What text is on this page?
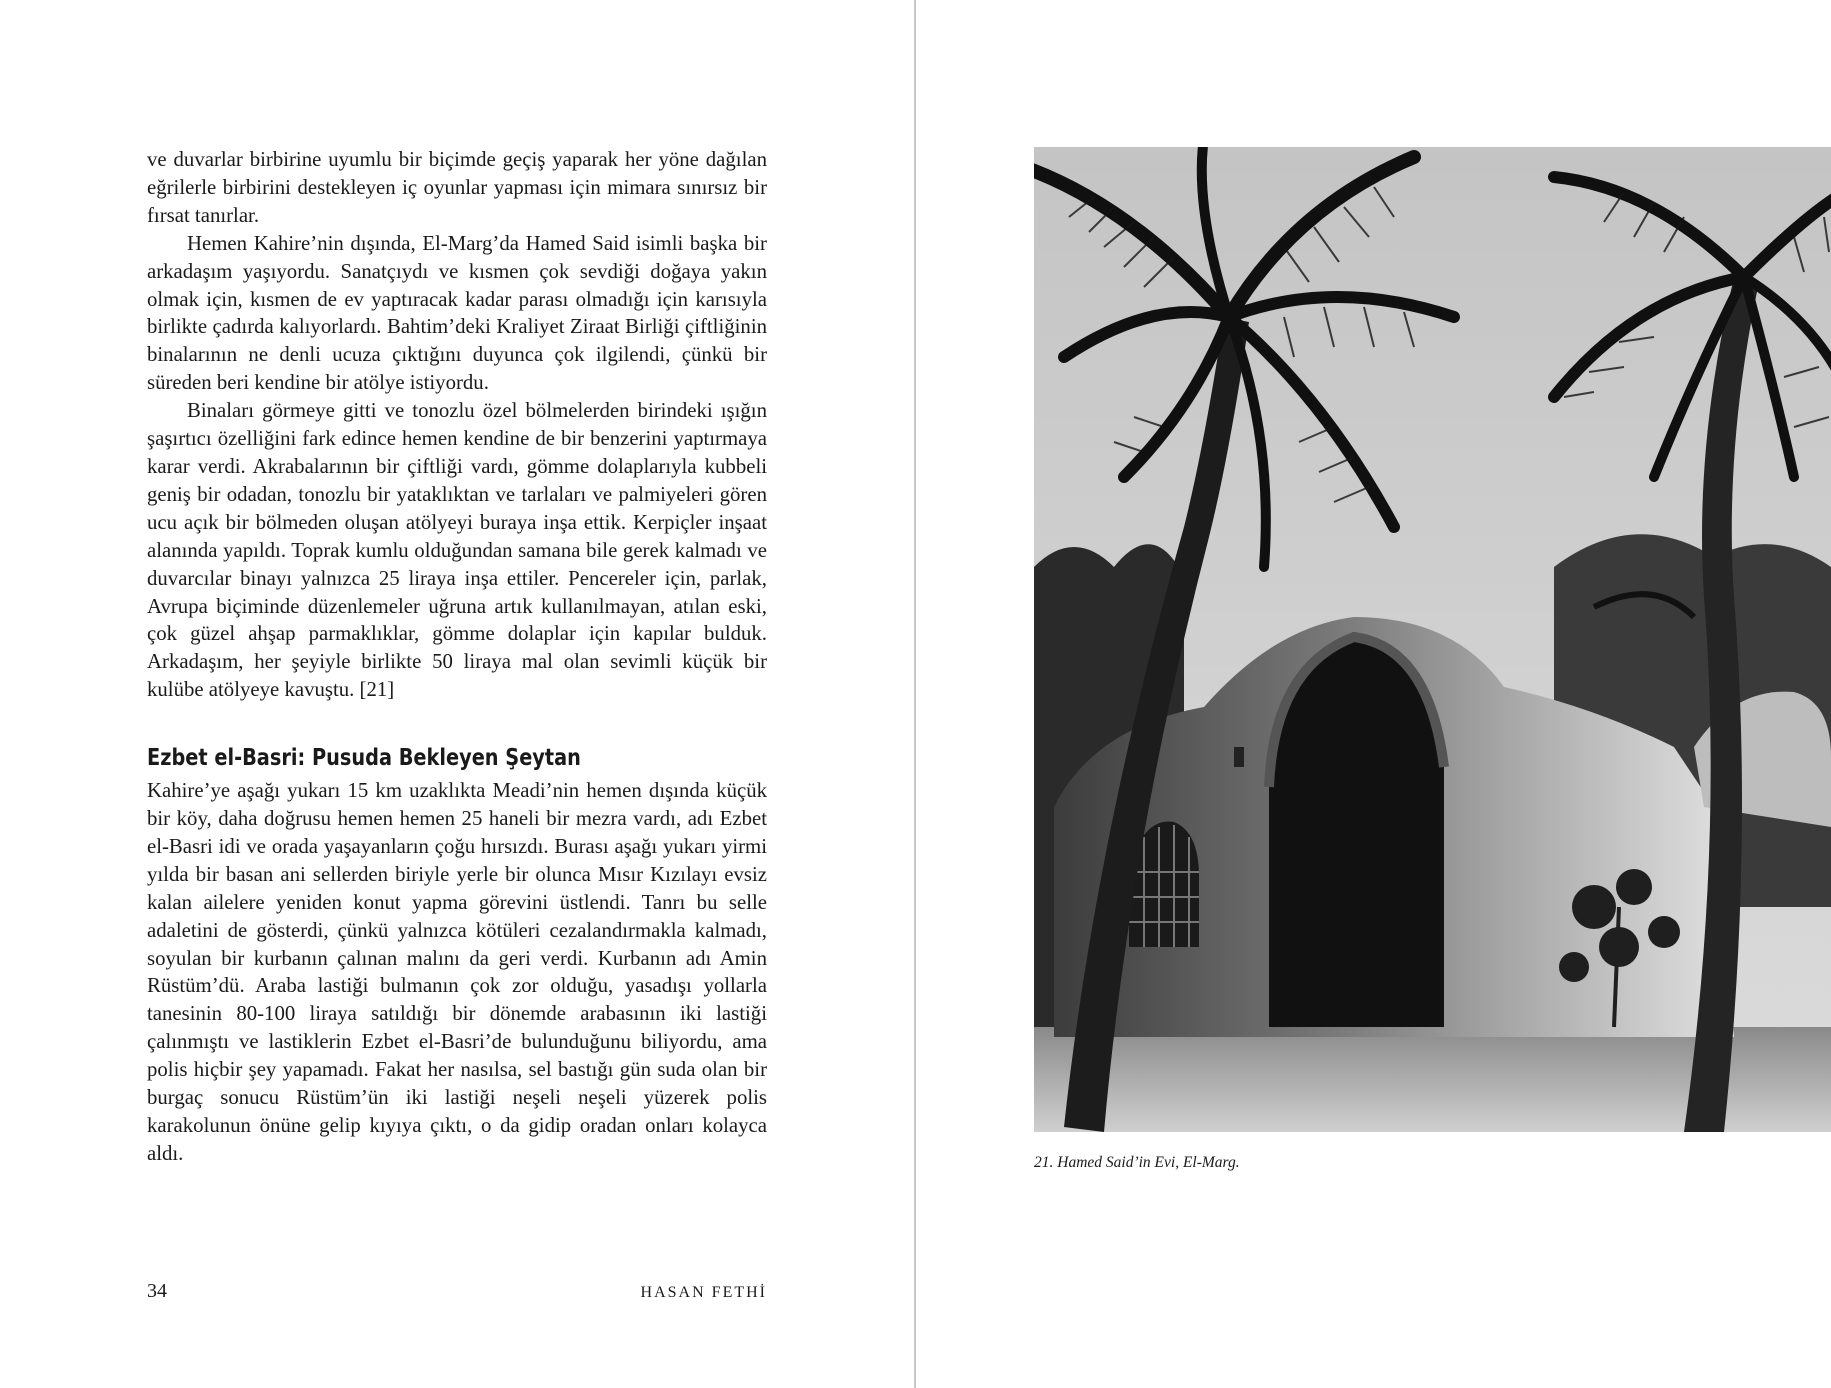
ve duvarlar birbirine uyumlu bir biçimde geçiş yaparak her yöne dağılan eğrilerle birbirini destekleyen iç oyunlar yapması için mimara sınırsız bir fırsat tanırlar.

Hemen Kahire’nin dışında, El-Marg’da Hamed Said isimli başka bir arkadaşım yaşıyordu. Sanatçıydı ve kısmen çok sevdiği doğaya yakın olmak için, kısmen de ev yaptıracak kadar parası olmadığı için karısıyla birlikte çadırda kalıyorlardı. Bahtim’deki Kraliyet Ziraat Birliği çiftliğinin binalarının ne denli ucuza çıktığını duyunca çok ilgilendi, çünkü bir süreden beri kendine bir atölye istiyordu.

Binaları görmeye gitti ve tonozlu özel bölmelerden birindeki ışığın şaşırtıcı özelliğini fark edince hemen kendine de bir benzerini yaptırmaya karar verdi. Akrabalarının bir çiftliği vardı, gömme dolaplarıyla kubbeli geniş bir odadan, tonozlu bir yataklıktan ve tarlaları ve palmiyeleri gören ucu açık bir bölmeden oluşan atölyeyi buraya inşa ettik. Kerpiçler inşaat alanında yapıldı. Toprak kumlu olduğundan samana bile gerek kalmadı ve duvarcılar binayı yalnızca 25 liraya inşa ettiler. Pencereler için, parlak, Avrupa biçiminde düzenlemeler uğruna artık kullanılmayan, atılan eski, çok güzel ahşap parmaklıklar, gömme dolaplar için kapılar bulduk. Arkadaşım, her şeyiyle birlikte 50 liraya mal olan sevimli küçük bir kulübe atölyeye kavuştu. [21]

Ezbet el-Basri: Pusuda Bekleyen Şeytan

Kahire’ye aşağı yukarı 15 km uzaklıkta Meadi’nin hemen dışında küçük bir köy, daha doğrusu hemen hemen 25 haneli bir mezra vardı, adı Ezbet el-Basri idi ve orada yaşayanların çoğu hırsızdı. Burası aşağı yukarı yirmi yılda bir basan ani sellerden biriyle yerle bir olunca Mısır Kızılayı evsiz kalan ailelere yeniden konut yapma görevini üstlendi. Tanrı bu selle adaletini de gösterdi, çünkü yalnızca kötüleri cezalandırmakla kalmadı, soyulan bir kurbanın çalınan malını da geri verdi. Kurbanın adı Amin Rüstüm’dü. Araba lastiği bulmanın çok zor olduğu, yasadışı yollarla tanesinin 80-100 liraya satıldığı bir dönemde arabasının iki lastiği çalınmıştı ve lastiklerin Ezbet el-Basri’de bulunduğunu biliyordu, ama polis hiçbir şey yapamadı. Fakat her nasılsa, sel bastığı gün suda olan bir burgaç sonucu Rüstüm’ün iki lastiği neşeli neşeli yüzerek polis karakolunun önüne gelip kıyıya çıktı, o da gidip oradan onları kolayca aldı.

34	HASAN FETHİ
21. Hamed Said’in Evi, El-Marg.
